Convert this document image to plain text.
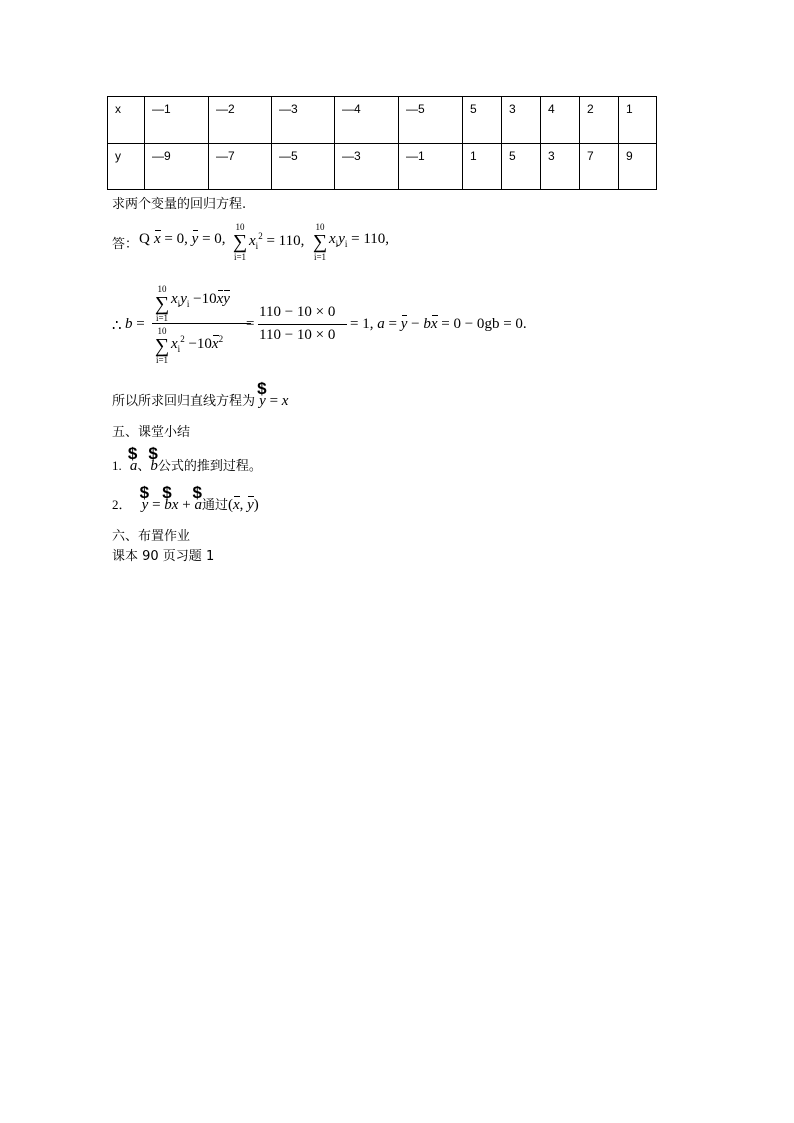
x	—1	—2	—3	—4	—5	5	3	4	2	1
y	—9	—7	—5	—3	—1	1	5	3	7	9
求两个变量的回归方程.
答： Q x = 0, y = 0,
10
∑
i=1
$x_i^2 = 110$,
10
∑
i=1
$x_iy_i = 110$,
∴ b =
10
∑
i=1
$x_iy_i -10xy$
10
∑
i=1
$x_i^2 -10x^2$
=
110 − 10 × 0
110 − 10 × 0
= 1, a = y − bx = 0 − 0gb = 0.
所以所求回归直线方程为 $ y = x
五、课堂小结
1. $ a、$ b公式的推到过程。
2． $ y = $ bx + $ a通过(x, y)
六、布置作业
课本 90 页习题 1
